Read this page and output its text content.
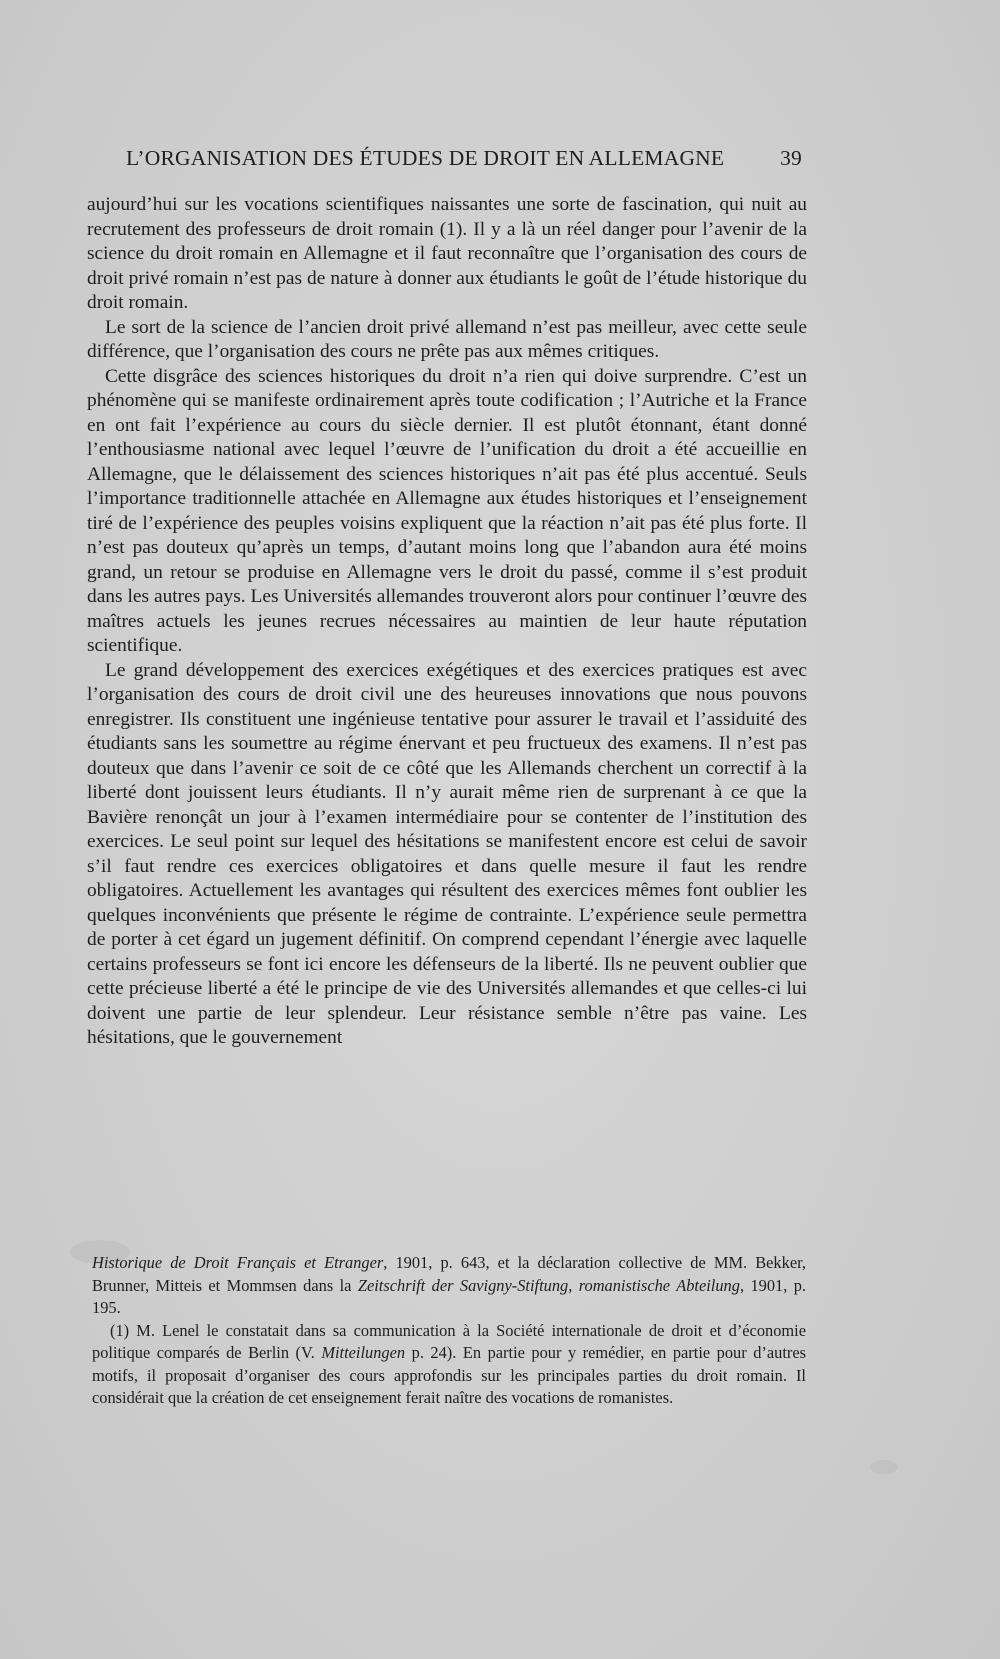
L’ORGANISATION DES ÉTUDES DE DROIT EN ALLEMAGNE	39

aujourd’hui sur les vocations scientifiques naissantes une sorte de fascination, qui nuit au recrutement des professeurs de droit romain (1). Il y a là un réel danger pour l’avenir de la science du droit romain en Allemagne et il faut reconnaître que l’organisation des cours de droit privé romain n’est pas de nature à donner aux étudiants le goût de l’étude historique du droit romain.

Le sort de la science de l’ancien droit privé allemand n’est pas meilleur, avec cette seule différence, que l’organisation des cours ne prête pas aux mêmes critiques.

Cette disgrâce des sciences historiques du droit n’a rien qui doive surprendre. C’est un phénomène qui se manifeste ordinairement après toute codification ; l’Autriche et la France en ont fait l’expérience au cours du siècle dernier. Il est plutôt étonnant, étant donné l’enthousiasme national avec lequel l’œuvre de l’unification du droit a été accueillie en Allemagne, que le délaissement des sciences historiques n’ait pas été plus accentué. Seuls l’importance traditionnelle attachée en Allemagne aux études historiques et l’enseignement tiré de l’expérience des peuples voisins expliquent que la réaction n’ait pas été plus forte. Il n’est pas douteux qu’après un temps, d’autant moins long que l’abandon aura été moins grand, un retour se produise en Allemagne vers le droit du passé, comme il s’est produit dans les autres pays. Les Universités allemandes trouveront alors pour continuer l’œuvre des maîtres actuels les jeunes recrues nécessaires au maintien de leur haute réputation scientifique.

Le grand développement des exercices exégétiques et des exercices pratiques est avec l’organisation des cours de droit civil une des heureuses innovations que nous pouvons enregistrer. Ils constituent une ingénieuse tentative pour assurer le travail et l’assiduité des étudiants sans les soumettre au régime énervant et peu fructueux des examens. Il n’est pas douteux que dans l’avenir ce soit de ce côté que les Allemands cherchent un correctif à la liberté dont jouissent leurs étudiants. Il n’y aurait même rien de surprenant à ce que la Bavière renonçât un jour à l’examen intermédiaire pour se contenter de l’institution des exercices. Le seul point sur lequel des hésitations se manifestent encore est celui de savoir s’il faut rendre ces exercices obligatoires et dans quelle mesure il faut les rendre obligatoires. Actuellement les avantages qui résultent des exercices mêmes font oublier les quelques inconvénients que présente le régime de contrainte. L’expérience seule permettra de porter à cet égard un jugement définitif. On comprend cependant l’énergie avec laquelle certains professeurs se font ici encore les défenseurs de la liberté. Ils ne peuvent oublier que cette précieuse liberté a été le principe de vie des Universités allemandes et que celles-ci lui doivent une partie de leur splendeur. Leur résistance semble n’être pas vaine. Les hésitations, que le gouvernement

Historique de Droit Français et Etranger, 1901, p. 643, et la déclaration collective de MM. Bekker, Brunner, Mitteis et Mommsen dans la Zeitschrift der Savigny-Stiftung, romanistische Abteilung, 1901, p. 195.

(1) M. Lenel le constatait dans sa communication à la Société internationale de droit et d’économie politique comparés de Berlin (V. Mitteilungen p. 24). En partie pour y remédier, en partie pour d’autres motifs, il proposait d’organiser des cours approfondis sur les principales parties du droit romain. Il considérait que la création de cet enseignement ferait naître des vocations de romanistes.
